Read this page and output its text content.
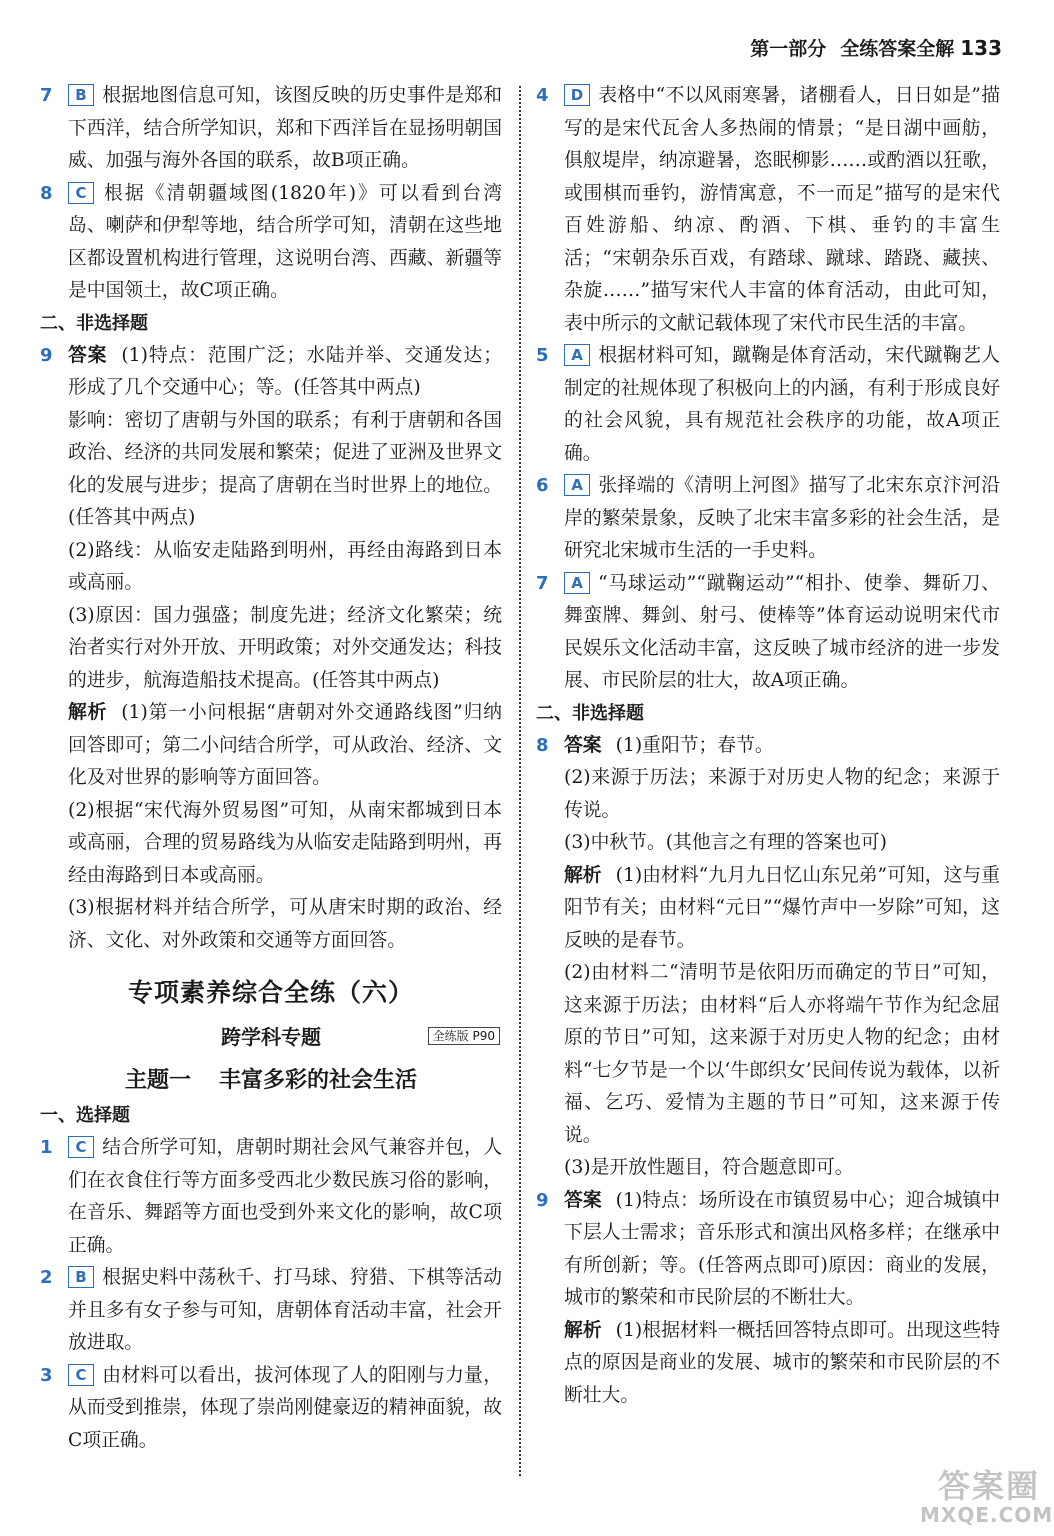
第一部分 全练答案全解 133
7 B 根据地图信息可知，该图反映的历史事件是郑和下西洋，结合所学知识，郑和下西洋旨在显扬明朝国威、加强与海外各国的联系，故B项正确。
8 C 根据《清朝疆域图(1820年)》可以看到台湾岛、喇萨和伊犁等地，结合所学可知，清朝在这些地区都设置机构进行管理，这说明台湾、西藏、新疆等是中国领土，故C项正确。
二、非选择题
9 答案 (1)特点：范围广泛；水陆并举、交通发达；形成了几个交通中心；等。(任答其中两点)
影响：密切了唐朝与外国的联系；有利于唐朝和各国政治、经济的共同发展和繁荣；促进了亚洲及世界文化的发展与进步；提高了唐朝在当时世界上的地位。(任答其中两点)
(2)路线：从临安走陆路到明州，再经由海路到日本或高丽。
(3)原因：国力强盛；制度先进；经济文化繁荣；统治者实行对外开放、开明政策；对外交通发达；科技的进步，航海造船技术提高。(任答其中两点)
解析 (1)第一小问根据“唐朝对外交通路线图”归纳回答即可；第二小问结合所学，可从政治、经济、文化及对世界的影响等方面回答。
(2)根据“宋代海外贸易图”可知，从南宋都城到日本或高丽，合理的贸易路线为从临安走陆路到明州，再经由海路到日本或高丽。
(3)根据材料并结合所学，可从唐宋时期的政治、经济、文化、对外政策和交通等方面回答。
专项素养综合全练（六）
跨学科专题	全练版 P90
主题一 丰富多彩的社会生活
一、选择题
1 C 结合所学可知，唐朝时期社会风气兼容并包，人们在衣食住行等方面多受西北少数民族习俗的影响，在音乐、舞蹈等方面也受到外来文化的影响，故C项正确。
2 B 根据史料中荡秋千、打马球、狩猎、下棋等活动并且多有女子参与可知，唐朝体育活动丰富，社会开放进取。
3 C 由材料可以看出，拔河体现了人的阳刚与力量，从而受到推崇，体现了崇尚刚健豪迈的精神面貌，故C项正确。
4 D 表格中“不以风雨寒暑，诸棚看人，日日如是”描写的是宋代瓦舍人多热闹的情景；“是日湖中画舫，俱舣堤岸，纳凉避暑，恣眠柳影……或酌酒以狂歌，或围棋而垂钓，游情寓意，不一而足”描写的是宋代百姓游船、纳凉、酌酒、下棋、垂钓的丰富生活；“宋朝杂乐百戏，有踏球、蹴球、踏跷、藏挟、杂旋……”描写宋代人丰富的体育活动，由此可知，表中所示的文献记载体现了宋代市民生活的丰富。
5 A 根据材料可知，蹴鞠是体育活动，宋代蹴鞠艺人制定的社规体现了积极向上的内涵，有利于形成良好的社会风貌，具有规范社会秩序的功能，故A项正确。
6 A 张择端的《清明上河图》描写了北宋东京汴河沿岸的繁荣景象，反映了北宋丰富多彩的社会生活，是研究北宋城市生活的一手史料。
7 A “马球运动”“蹴鞠运动”“相扑、使拳、舞斫刀、舞蛮牌、舞剑、射弓、使棒等”体育运动说明宋代市民娱乐文化活动丰富，这反映了城市经济的进一步发展、市民阶层的壮大，故A项正确。
二、非选择题
8 答案 (1)重阳节；春节。
(2)来源于历法；来源于对历史人物的纪念；来源于传说。
(3)中秋节。(其他言之有理的答案也可)
解析 (1)由材料“九月九日忆山东兄弟”可知，这与重阳节有关；由材料“元日”“爆竹声中一岁除”可知，这反映的是春节。
(2)由材料二“清明节是依阳历而确定的节日”可知，这来源于历法；由材料“后人亦将端午节作为纪念屈原的节日”可知，这来源于对历史人物的纪念；由材料“七夕节是一个以‘牛郎织女’民间传说为载体，以祈福、乞巧、爱情为主题的节日”可知，这来源于传说。
(3)是开放性题目，符合题意即可。
9 答案 (1)特点：场所设在市镇贸易中心；迎合城镇中下层人士需求；音乐形式和演出风格多样；在继承中有所创新；等。(任答两点即可)原因：商业的发展，城市的繁荣和市民阶层的不断壮大。
解析 (1)根据材料一概括回答特点即可。出现这些特点的原因是商业的发展、城市的繁荣和市民阶层的不断壮大。
答案圈
MXQE.COM
